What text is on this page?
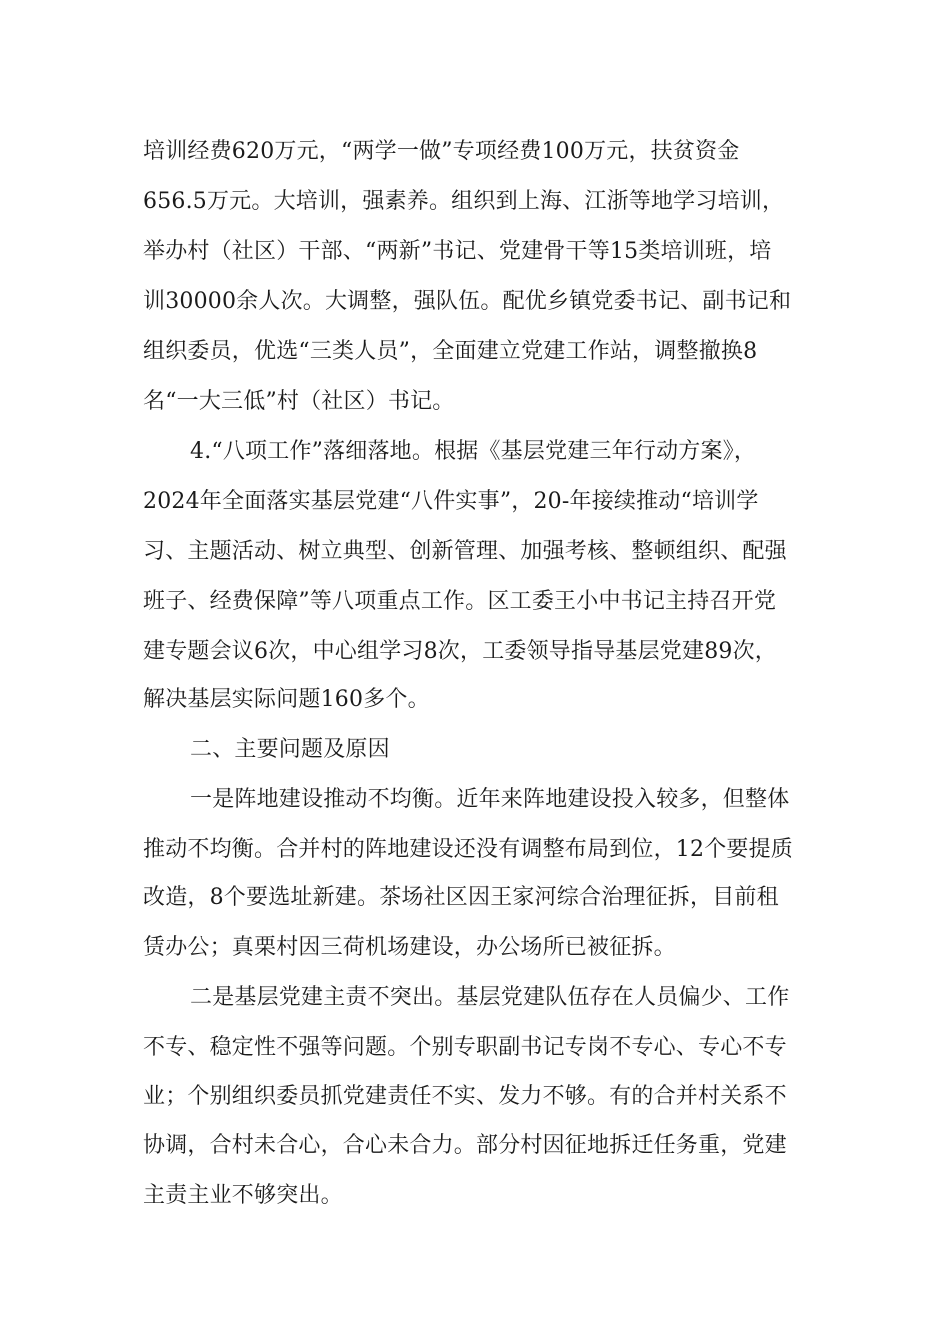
培训经费620万元，“两学一做”专项经费100万元，扶贫资金
656.5万元。大培训，强素养。组织到上海、江浙等地学习培训，
举办村（社区）干部、“两新”书记、党建骨干等15类培训班，培
训30000余人次。大调整，强队伍。配优乡镇党委书记、副书记和
组织委员，优选“三类人员”，全面建立党建工作站，调整撤换8
名“一大三低”村（社区）书记。
4.“八项工作”落细落地。根据《基层党建三年行动方案》，
2024年全面落实基层党建“八件实事”，20-年接续推动“培训学
习、主题活动、树立典型、创新管理、加强考核、整顿组织、配强
班子、经费保障”等八项重点工作。区工委王小中书记主持召开党
建专题会议6次，中心组学习8次，工委领导指导基层党建89次，
解决基层实际问题160多个。
二、主要问题及原因
一是阵地建设推动不均衡。近年来阵地建设投入较多，但整体
推动不均衡。合并村的阵地建设还没有调整布局到位，12个要提质
改造，8个要选址新建。茶场社区因王家河综合治理征拆，目前租
赁办公；真栗村因三荷机场建设，办公场所已被征拆。
二是基层党建主责不突出。基层党建队伍存在人员偏少、工作
不专、稳定性不强等问题。个别专职副书记专岗不专心、专心不专
业；个别组织委员抓党建责任不实、发力不够。有的合并村关系不
协调，合村未合心，合心未合力。部分村因征地拆迁任务重，党建
主责主业不够突出。
